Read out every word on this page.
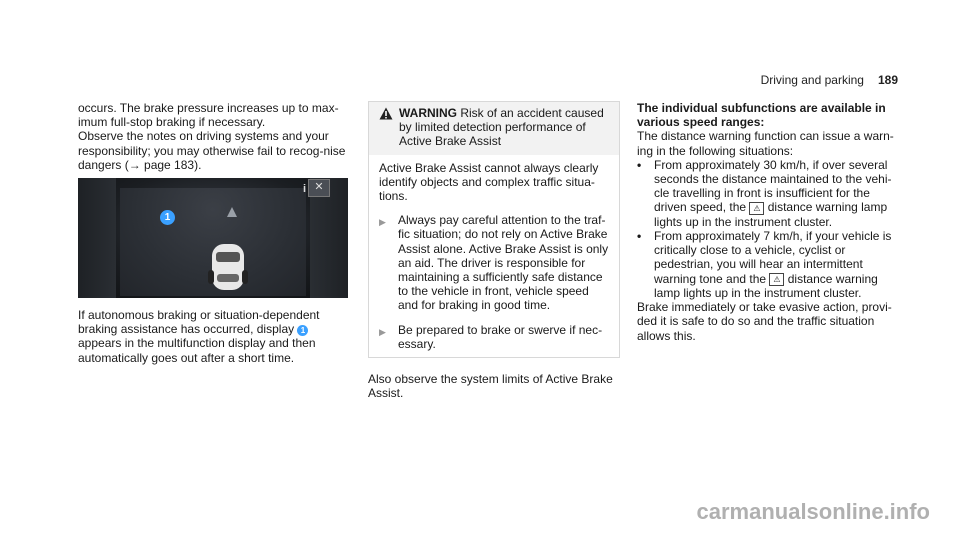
Driving and parking 189

occurs. The brake pressure increases up to max-imum full-stop braking if necessary.

Observe the notes on driving systems and your responsibility; you may otherwise fail to recog-nise dangers (→ page 183).

i ✕
1

If autonomous braking or situation-dependent braking assistance has occurred, display 1 appears in the multifunction display and then automatically goes out after a short time.

WARNING Risk of an accident caused by limited detection performance of Active Brake Assist

Active Brake Assist cannot always clearly identify objects and complex traffic situa-tions.

▶ Always pay careful attention to the traf-fic situation; do not rely on Active Brake Assist alone. Active Brake Assist is only an aid. The driver is responsible for maintaining a sufficiently safe distance to the vehicle in front, vehicle speed and for braking in good time.
▶ Be prepared to brake or swerve if nec-essary.

Also observe the system limits of Active Brake Assist.

The individual subfunctions are available in various speed ranges:

The distance warning function can issue a warn-ing in the following situations:

•	From approximately 30 km/h, if over several seconds the distance maintained to the vehi-cle travelling in front is insufficient for the driven speed, the ⚠ distance warning lamp lights up in the instrument cluster.
•	From approximately 7 km/h, if your vehicle is critically close to a vehicle, cyclist or pedestrian, you will hear an intermittent warning tone and the ⚠ distance warning lamp lights up in the instrument cluster.

Brake immediately or take evasive action, provi-ded it is safe to do so and the traffic situation allows this.

carmanualsonline.info
